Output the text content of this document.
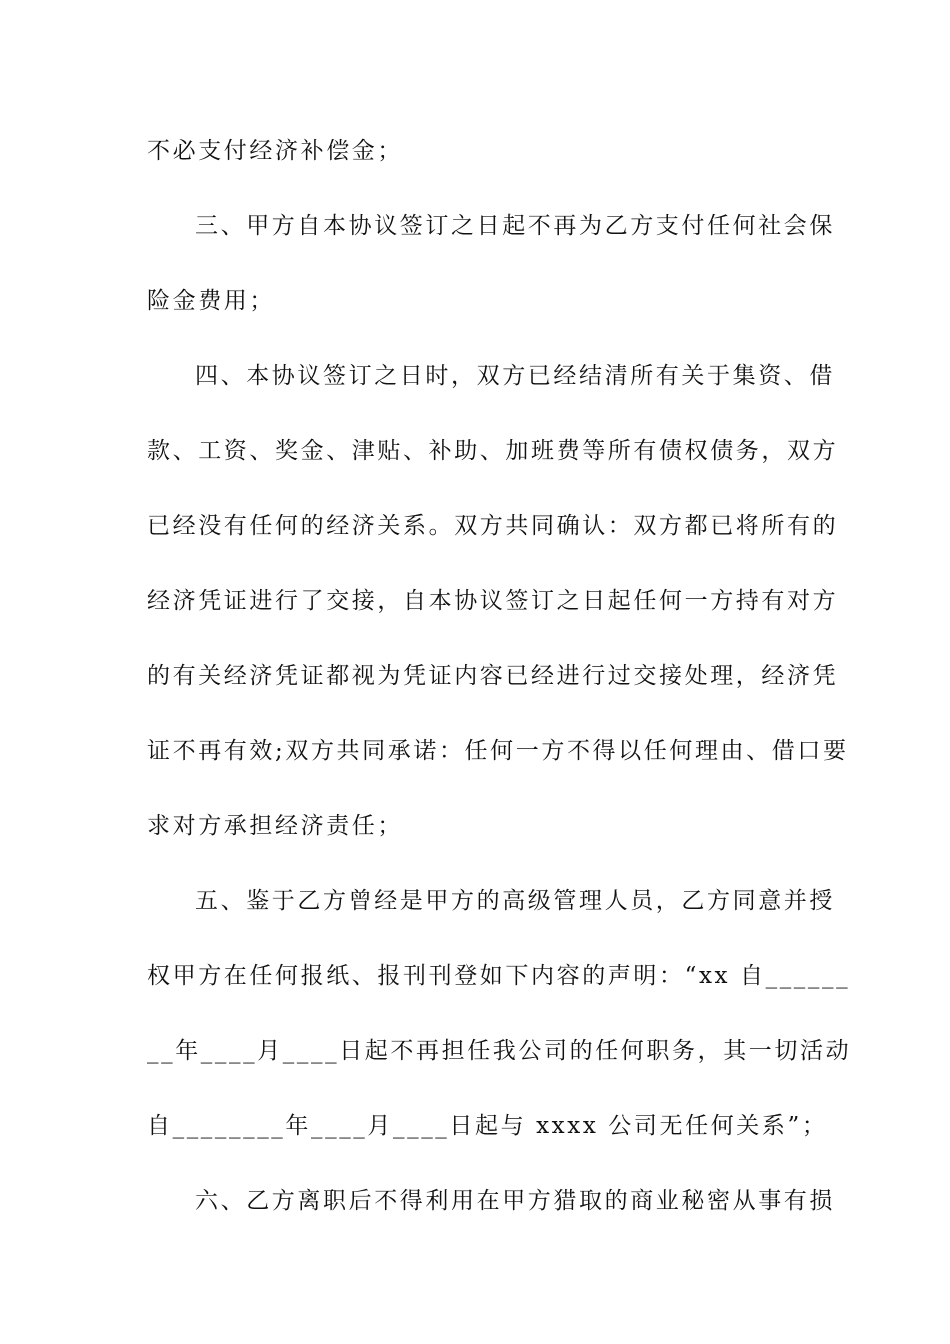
不必支付经济补偿金；
三、甲方自本协议签订之日起不再为乙方支付任何社会保
险金费用；
四、本协议签订之日时，双方已经结清所有关于集资、借
款、工资、奖金、津贴、补助、加班费等所有债权债务，双方
已经没有任何的经济关系。双方共同确认：双方都已将所有的
经济凭证进行了交接，自本协议签订之日起任何一方持有对方
的有关经济凭证都视为凭证内容已经进行过交接处理，经济凭
证不再有效;双方共同承诺：任何一方不得以任何理由、借口要
求对方承担经济责任；
五、鉴于乙方曾经是甲方的高级管理人员，乙方同意并授
权甲方在任何报纸、报刊刊登如下内容的声明：“xx 自______
__年____月____日起不再担任我公司的任何职务，其一切活动
自________年____月____日起与 xxxx 公司无任何关系”；
六、乙方离职后不得利用在甲方猎取的商业秘密从事有损
